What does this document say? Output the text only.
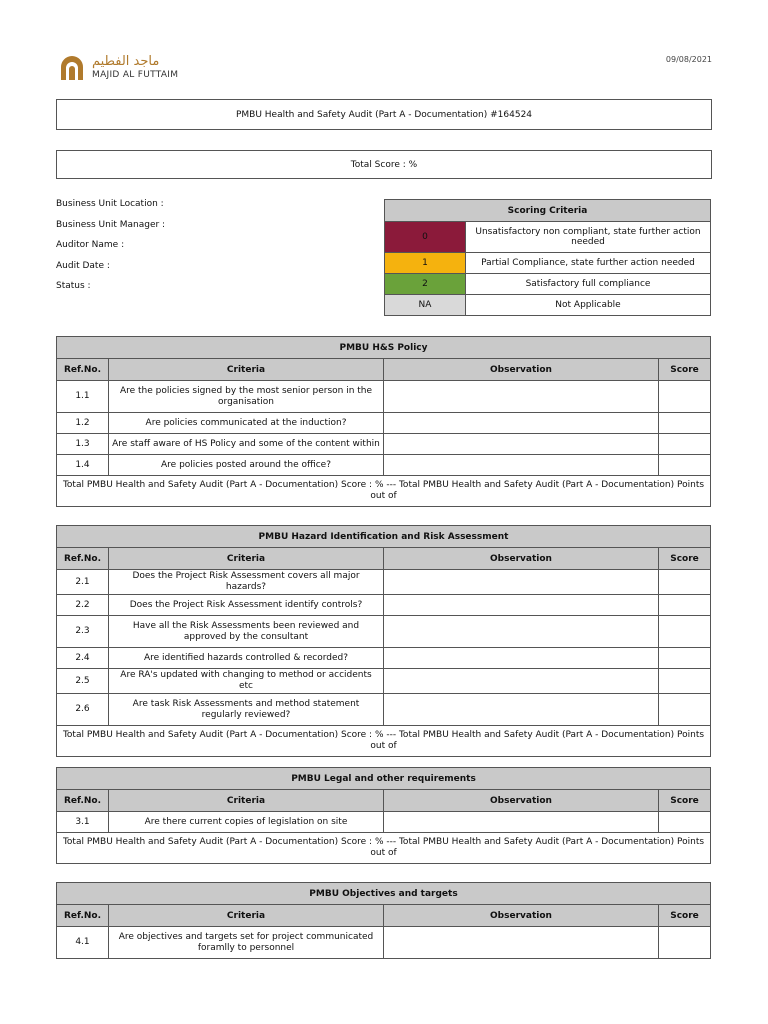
09/08/2021
ماجد الفطيم
MAJID AL FUTTAIM
PMBU Health and Safety Audit (Part A - Documentation) #164524
Total Score : %
Business Unit Location :
Business Unit Manager :
Auditor Name :
Audit Date :
Status :
Scoring Criteria	
0	Unsatisfactory non compliant, state further action needed
1	Partial Compliance, state further action needed
2	Satisfactory full compliance
NA	Not Applicable
PMBU H&S Policy			
Ref.No.	Criteria	Observation	Score
1.1	Are the policies signed by the most senior person in the organisation		
1.2	Are policies communicated at the induction?		
1.3	Are staff aware of HS Policy and some of the content within		
1.4	Are policies posted around the office?		
Total PMBU Health and Safety Audit (Part A - Documentation) Score : % --- Total PMBU Health and Safety Audit (Part A - Documentation) Points out of			
PMBU Hazard Identification and Risk Assessment			
Ref.No.	Criteria	Observation	Score
2.1	Does the Project Risk Assessment covers all major hazards?		
2.2	Does the Project Risk Assessment identify controls?		
2.3	Have all the Risk Assessments been reviewed and approved by the consultant		
2.4	Are identified hazards controlled & recorded?		
2.5	Are RA's updated with changing to method or accidents etc		
2.6	Are task Risk Assessments and method statement regularly reviewed?		
Total PMBU Health and Safety Audit (Part A - Documentation) Score : % --- Total PMBU Health and Safety Audit (Part A - Documentation) Points out of			
PMBU Legal and other requirements			
Ref.No.	Criteria	Observation	Score
3.1	Are there current copies of legislation on site		
Total PMBU Health and Safety Audit (Part A - Documentation) Score : % --- Total PMBU Health and Safety Audit (Part A - Documentation) Points out of			
PMBU Objectives and targets			
Ref.No.	Criteria	Observation	Score
4.1	Are objectives and targets set for project communicated foramlly to personnel		
